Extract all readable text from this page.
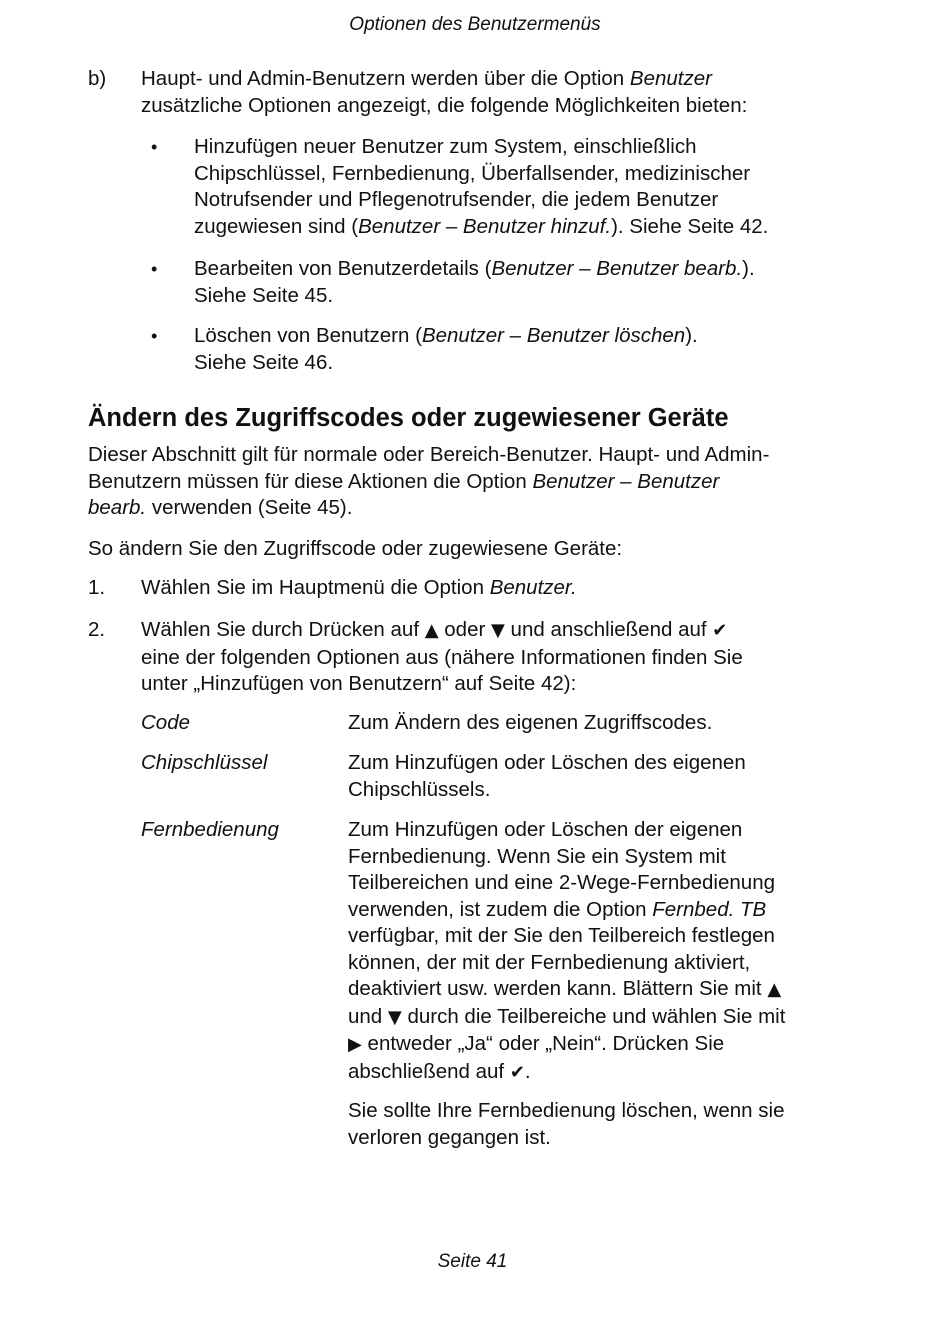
Optionen des Benutzermenüs
b) Haupt- und Admin-Benutzern werden über die Option Benutzer
zusätzliche Optionen angezeigt, die folgende Möglichkeiten bieten:
• Hinzufügen neuer Benutzer zum System, einschließlich
Chipschlüssel, Fernbedienung, Überfallsender, medizinischer
Notrufsender und Pflegenotrufsender, die jedem Benutzer
zugewiesen sind (Benutzer – Benutzer hinzuf.). Siehe Seite 42.
• Bearbeiten von Benutzerdetails (Benutzer – Benutzer bearb.).
Siehe Seite 45.
• Löschen von Benutzern (Benutzer – Benutzer löschen).
Siehe Seite 46.
Ändern des Zugriffscodes oder zugewiesener Geräte
Dieser Abschnitt gilt für normale oder Bereich-Benutzer. Haupt- und Admin-
Benutzern müssen für diese Aktionen die Option Benutzer – Benutzer
bearb. verwenden (Seite 45).
So ändern Sie den Zugriffscode oder zugewiesene Geräte:
1. Wählen Sie im Hauptmenü die Option Benutzer.
2. Wählen Sie durch Drücken auf ▲ oder ▼ und anschließend auf ✔
eine der folgenden Optionen aus (nähere Informationen finden Sie
unter „Hinzufügen von Benutzern“ auf Seite 42):
Code	Zum Ändern des eigenen Zugriffscodes.
Chipschlüssel	Zum Hinzufügen oder Löschen des eigenen
Chipschlüssels.
Fernbedienung	Zum Hinzufügen oder Löschen der eigenen
Fernbedienung. Wenn Sie ein System mit
Teilbereichen und eine 2-Wege-Fernbedienung
verwenden, ist zudem die Option Fernbed. TB
verfügbar, mit der Sie den Teilbereich festlegen
können, der mit der Fernbedienung aktiviert,
deaktiviert usw. werden kann. Blättern Sie mit ▲
und ▼ durch die Teilbereiche und wählen Sie mit
▶ entweder „Ja“ oder „Nein“. Drücken Sie
abschließend auf ✔.
Sie sollte Ihre Fernbedienung löschen, wenn sie
verloren gegangen ist.
Seite 41
